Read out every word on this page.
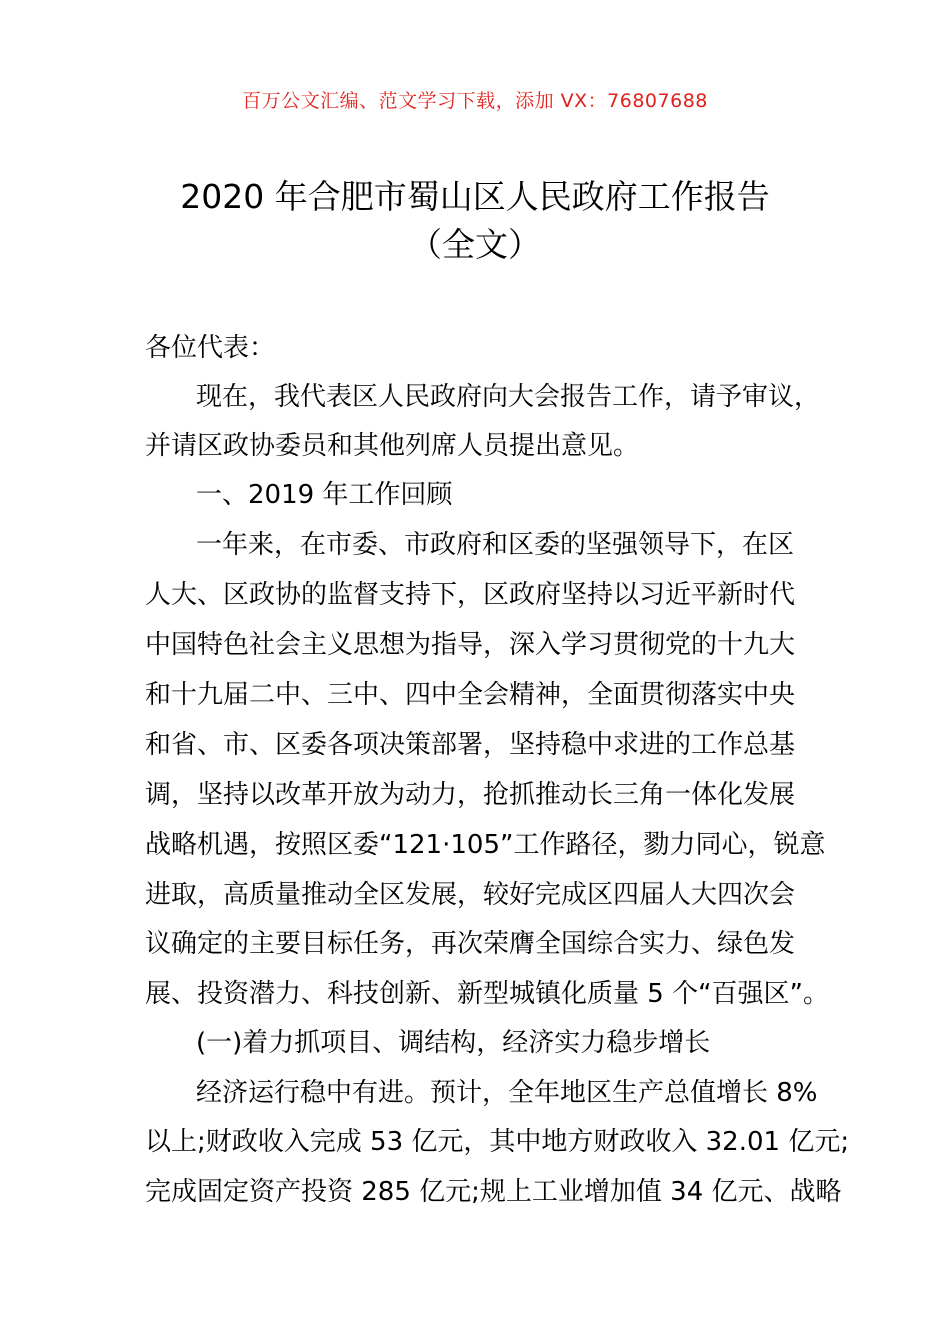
百万公文汇编、范文学习下载，添加 VX：76807688
2020 年合肥市蜀山区人民政府工作报告
（全文）
各位代表：
现在，我代表区人民政府向大会报告工作，请予审议，
并请区政协委员和其他列席人员提出意见。
一、2019 年工作回顾
一年来，在市委、市政府和区委的坚强领导下，在区
人大、区政协的监督支持下，区政府坚持以习近平新时代
中国特色社会主义思想为指导，深入学习贯彻党的十九大
和十九届二中、三中、四中全会精神，全面贯彻落实中央
和省、市、区委各项决策部署，坚持稳中求进的工作总基
调，坚持以改革开放为动力，抢抓推动长三角一体化发展
战略机遇，按照区委“121·105”工作路径，勠力同心，锐意
进取，高质量推动全区发展，较好完成区四届人大四次会
议确定的主要目标任务，再次荣膺全国综合实力、绿色发
展、投资潜力、科技创新、新型城镇化质量 5 个“百强区”。
(一)着力抓项目、调结构，经济实力稳步增长
经济运行稳中有进。预计，全年地区生产总值增长 8%
以上;财政收入完成 53 亿元，其中地方财政收入 32.01 亿元;
完成固定资产投资 285 亿元;规上工业增加值 34 亿元、战略
